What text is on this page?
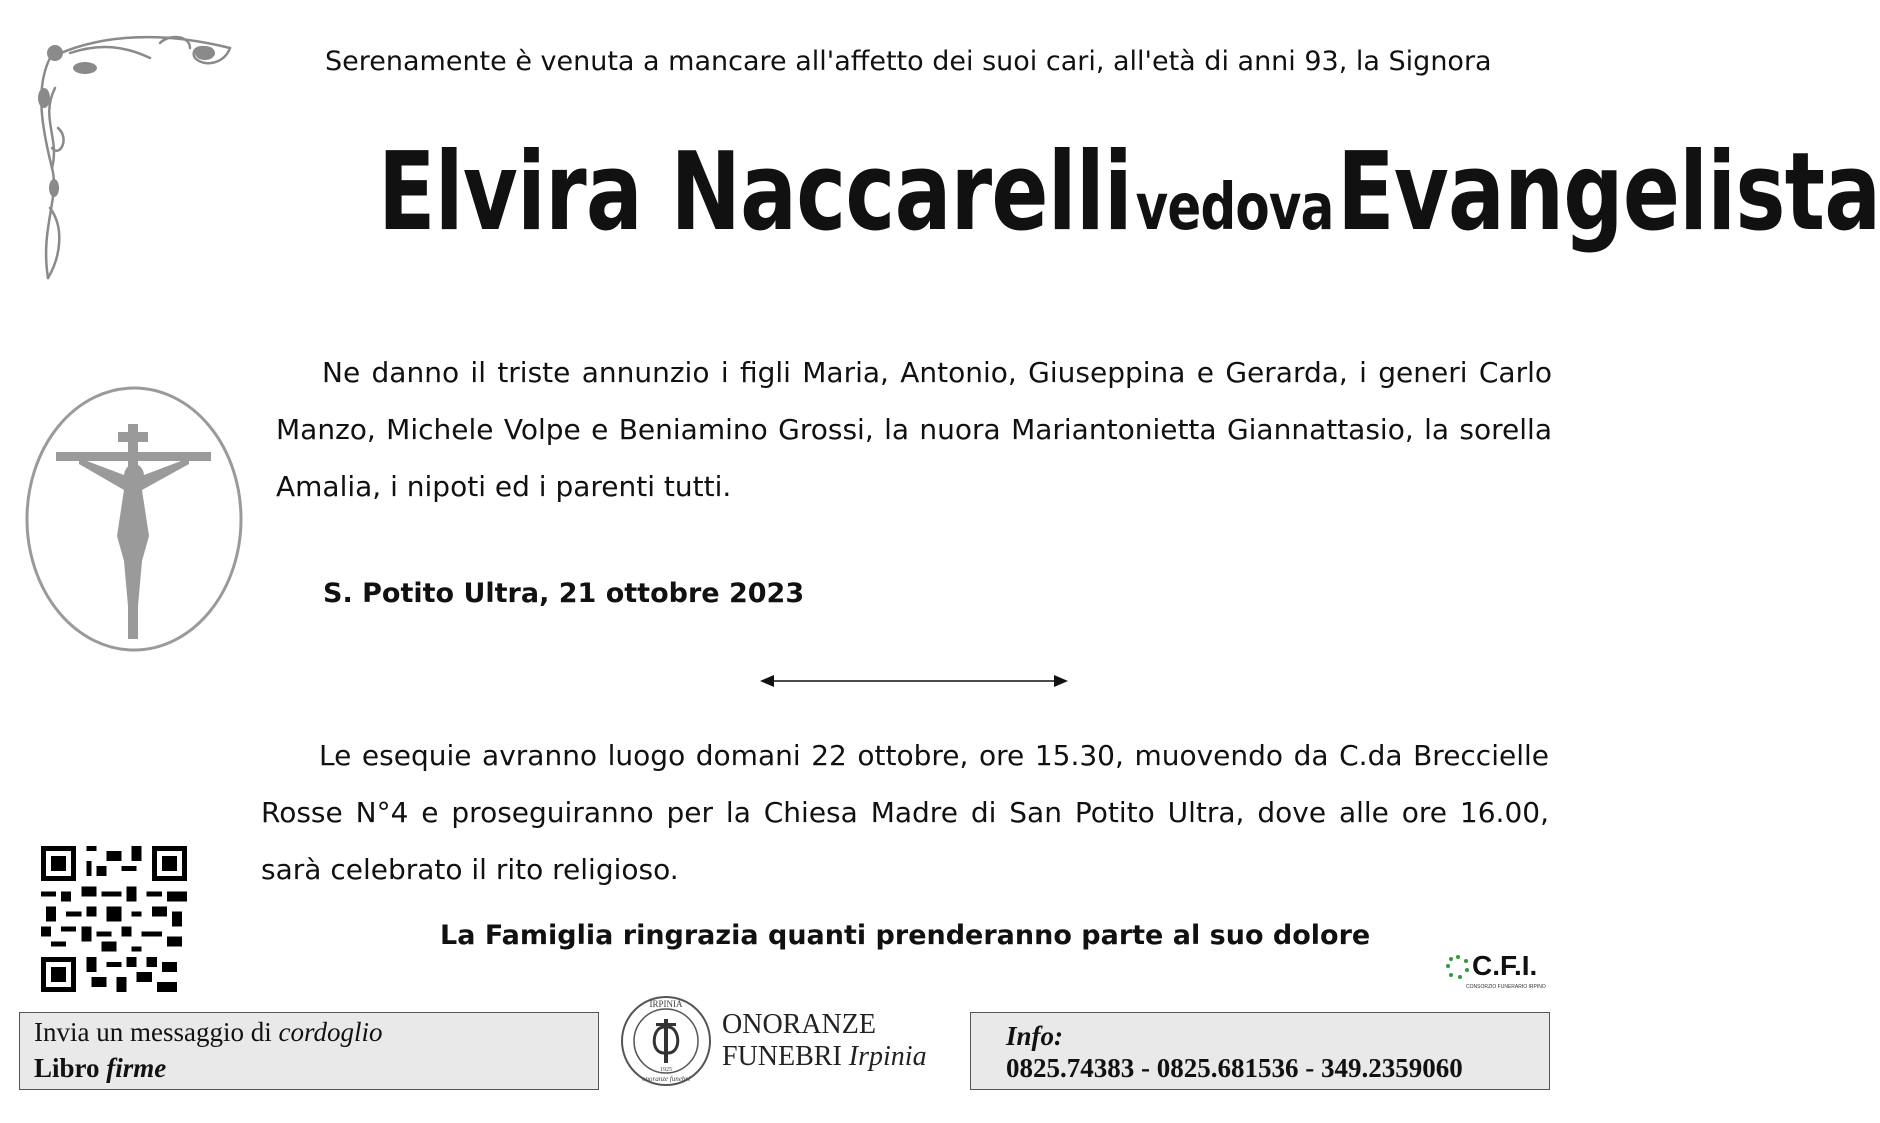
Serenamente è venuta a mancare all'affetto dei suoi cari, all'età di anni 93, la Signora
Elvira Naccarelli vedova Evangelista
Ne danno il triste annunzio i figli Maria, Antonio, Giuseppina e Gerarda, i generi Carlo Manzo, Michele Volpe e Beniamino Grossi, la nuora Mariantonietta Giannattasio, la sorella Amalia, i nipoti ed i parenti tutti.
S. Potito Ultra, 21 ottobre 2023
Le esequie avranno luogo domani 22 ottobre, ore 15.30, muovendo da C.da Breccielle Rosse N°4 e proseguiranno per la Chiesa Madre di San Potito Ultra, dove alle ore 16.00, sarà celebrato il rito religioso.
La Famiglia ringrazia quanti prenderanno parte al suo dolore
C.F.I.
CONSORZIO FUNERARIO IRPINO
Invia un messaggio di cordoglio
Libro firme
IRPINIA
onoranze funebri
1925
ONORANZE
FUNEBRI Irpinia
Info:
0825.74383 - 0825.681536 - 349.2359060
